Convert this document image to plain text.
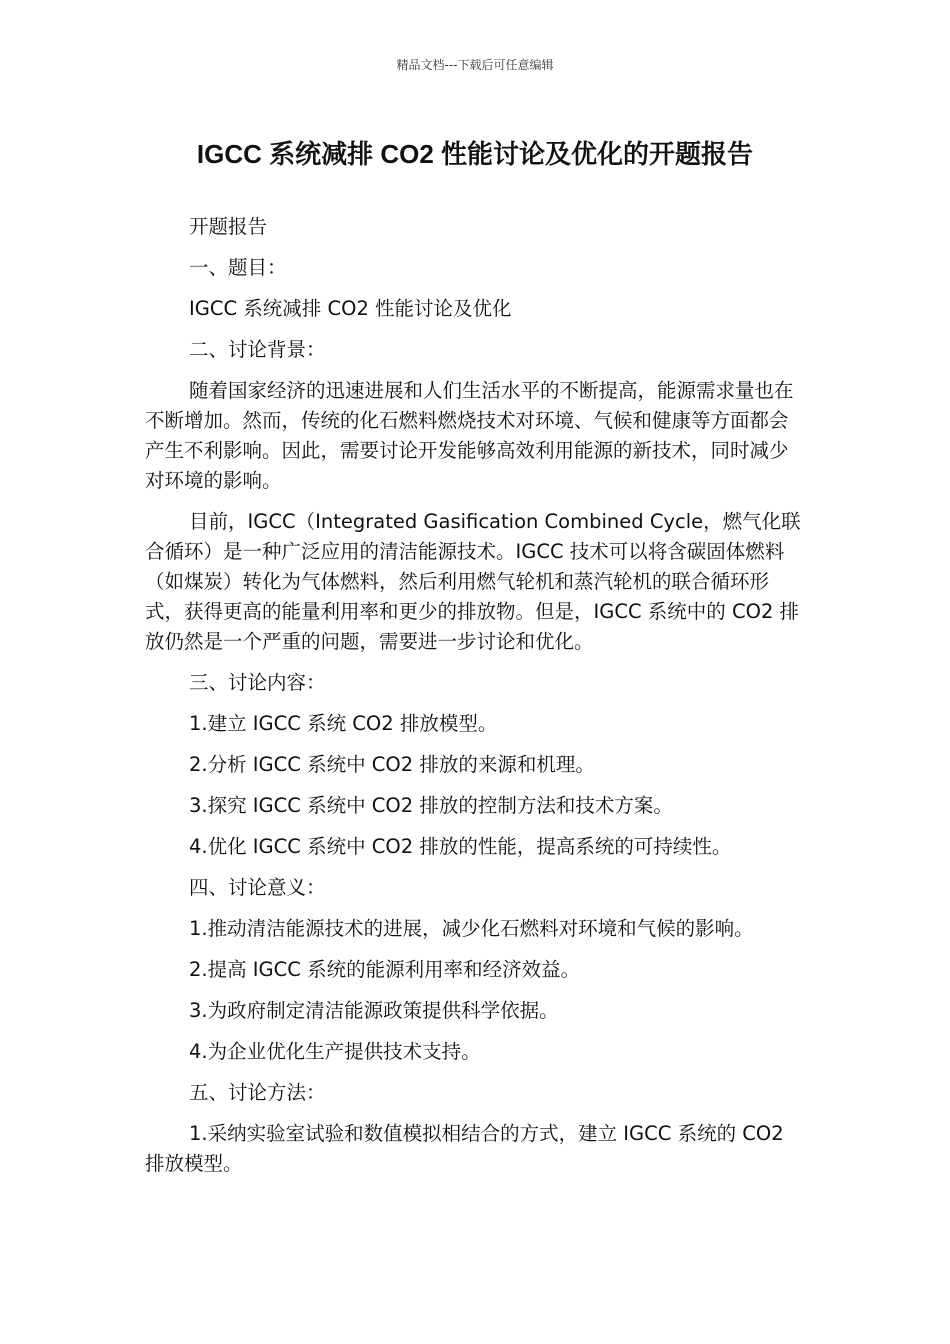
精品文档---下载后可任意编辑
IGCC 系统减排 CO2 性能讨论及优化的开题报告

开题报告

一、题目：

IGCC 系统减排 CO2 性能讨论及优化

二、讨论背景：

随着国家经济的迅速进展和人们生活水平的不断提高，能源需求量也在不断增加。然而，传统的化石燃料燃烧技术对环境、气候和健康等方面都会产生不利影响。因此，需要讨论开发能够高效利用能源的新技术，同时减少对环境的影响。

目前，IGCC（Integrated Gasification Combined Cycle，燃气化联合循环）是一种广泛应用的清洁能源技术。IGCC 技术可以将含碳固体燃料（如煤炭）转化为气体燃料，然后利用燃气轮机和蒸汽轮机的联合循环形式，获得更高的能量利用率和更少的排放物。但是，IGCC 系统中的 CO2 排放仍然是一个严重的问题，需要进一步讨论和优化。

三、讨论内容：

1.建立 IGCC 系统 CO2 排放模型。

2.分析 IGCC 系统中 CO2 排放的来源和机理。

3.探究 IGCC 系统中 CO2 排放的控制方法和技术方案。

4.优化 IGCC 系统中 CO2 排放的性能，提高系统的可持续性。

四、讨论意义：

1.推动清洁能源技术的进展，减少化石燃料对环境和气候的影响。

2.提高 IGCC 系统的能源利用率和经济效益。

3.为政府制定清洁能源政策提供科学依据。

4.为企业优化生产提供技术支持。

五、讨论方法：

1.采纳实验室试验和数值模拟相结合的方式，建立 IGCC 系统的 CO2 排放模型。
